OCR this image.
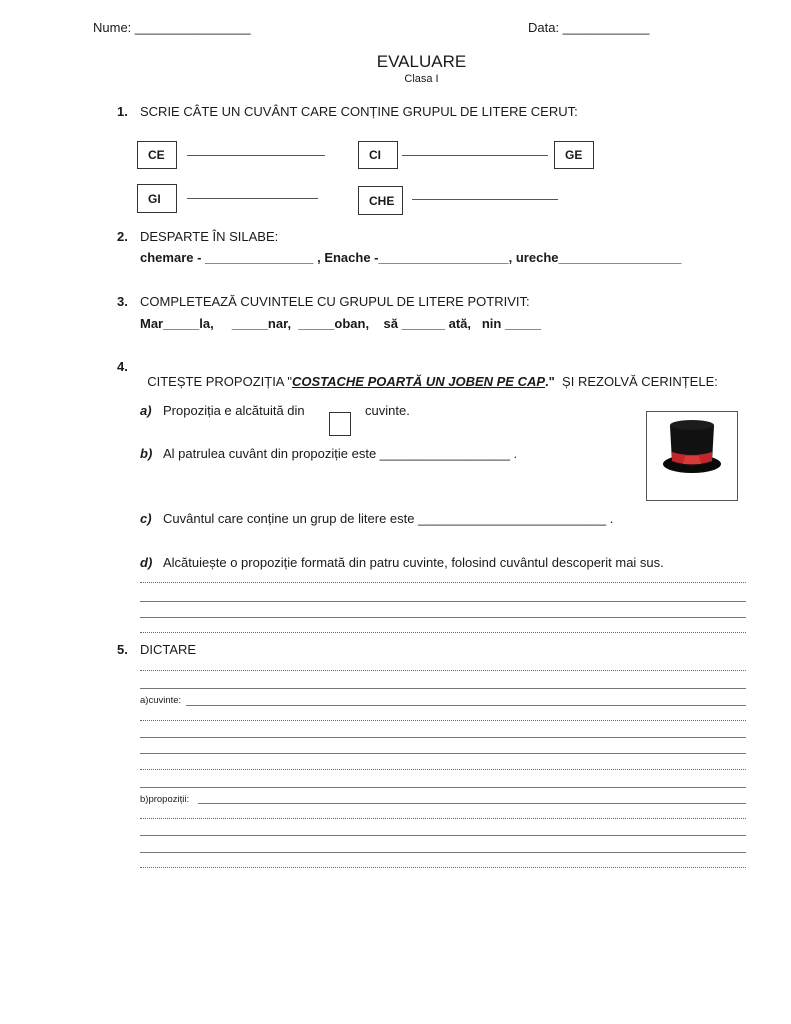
Nume: ________________	Data: ____________
EVALUARE
Clasa I
1. SCRIE CÂTE UN CUVÂNT CARE CONȚINE GRUPUL DE LITERE CERUT:
CE	CI	GE
GI	CHE
2. DESPARTE ÎN SILABE:
chemare - _______________ , Enache -__________________, ureche_________________
3. COMPLETEAZĂ CUVINTELE CU GRUPUL DE LITERE POTRIVIT:
Mar_____la,     _____nar,  _____oban,    să ______ ată,   nin _____
4.

CITEȘTE PROPOZIȚIA "COSTACHE POARTĂ UN JOBEN PE CAP."  ȘI REZOLVĂ CERINȚELE:

a) Propoziția e alcătuită din	cuvinte.
b) Al patrulea cuvânt din propoziție este __________________ .
c) Cuvântul care conține un grup de litere este __________________________ .
d) Alcătuiește o propoziție formată din patru cuvinte, folosind cuvântul descoperit mai sus.
5. DICTARE
a)cuvinte:
b)propoziții:
